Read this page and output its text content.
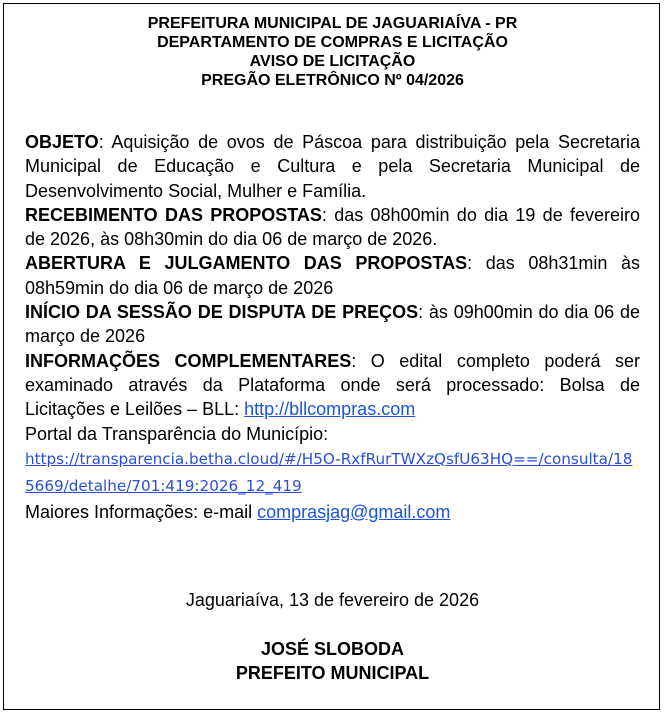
PREFEITURA MUNICIPAL DE JAGUARIAÍVA - PR
DEPARTAMENTO DE COMPRAS E LICITAÇÃO
AVISO DE LICITAÇÃO
PREGÃO ELETRÔNICO Nº 04/2026

OBJETO: Aquisição de ovos de Páscoa para distribuição pela Secretaria Municipal de Educação e Cultura e pela Secretaria Municipal de Desenvolvimento Social, Mulher e Família.

RECEBIMENTO DAS PROPOSTAS: das 08h00min do dia 19 de fevereiro de 2026, às 08h30min do dia 06 de março de 2026.

ABERTURA E JULGAMENTO DAS PROPOSTAS: das 08h31min às 08h59min do dia 06 de março de 2026

INÍCIO DA SESSÃO DE DISPUTA DE PREÇOS: às 09h00min do dia 06 de março de 2026

INFORMAÇÕES COMPLEMENTARES: O edital completo poderá ser examinado através da Plataforma onde será processado: Bolsa de Licitações e Leilões – BLL: http://bllcompras.com

Portal da Transparência do Município:

https://transparencia.betha.cloud/#/H5O-RxfRurTWXzQsfU63HQ==/consulta/185669/detalhe/701:419:2026_12_419

Maiores Informações: e-mail comprasjag@gmail.com

Jaguariaíva, 13 de fevereiro de 2026
JOSÉ SLOBODA
PREFEITO MUNICIPAL
